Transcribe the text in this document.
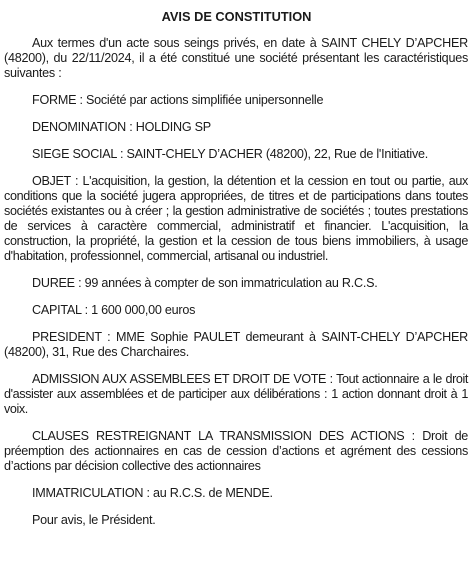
AVIS DE CONSTITUTION

Aux termes d'un acte sous seings privés, en date à SAINT CHELY D’APCHER (48200), du 22/11/2024, il a été constitué une société présentant les caractéristiques suivantes :

FORME : Société par actions simplifiée unipersonnelle

DENOMINATION : HOLDING SP

SIEGE SOCIAL : SAINT-CHELY D’ACHER (48200), 22, Rue de l'Initiative.

OBJET : L'acquisition, la gestion, la détention et la cession en tout ou partie, aux conditions que la société jugera appropriées, de titres et de participations dans toutes sociétés existantes ou à créer ; la gestion administrative de sociétés ; toutes prestations de services à caractère commercial, administratif et financier. L'acquisition, la construction, la propriété, la gestion et la cession de tous biens immobiliers, à usage d'habitation, professionnel, commercial, artisanal ou industriel.

DUREE : 99 années à compter de son immatriculation au R.C.S.

CAPITAL : 1 600 000,00 euros

PRESIDENT : MME Sophie PAULET demeurant à SAINT-CHELY D’APCHER (48200), 31, Rue des Charchaires.

ADMISSION AUX ASSEMBLEES ET DROIT DE VOTE : Tout actionnaire a le droit d'assister aux assemblées et de participer aux délibérations : 1 action donnant droit à 1 voix.

CLAUSES RESTREIGNANT LA TRANSMISSION DES ACTIONS : Droit de préemption des actionnaires en cas de cession d’actions et agrément des cessions d’actions par décision collective des actionnaires

IMMATRICULATION : au R.C.S. de MENDE.

Pour avis, le Président.
